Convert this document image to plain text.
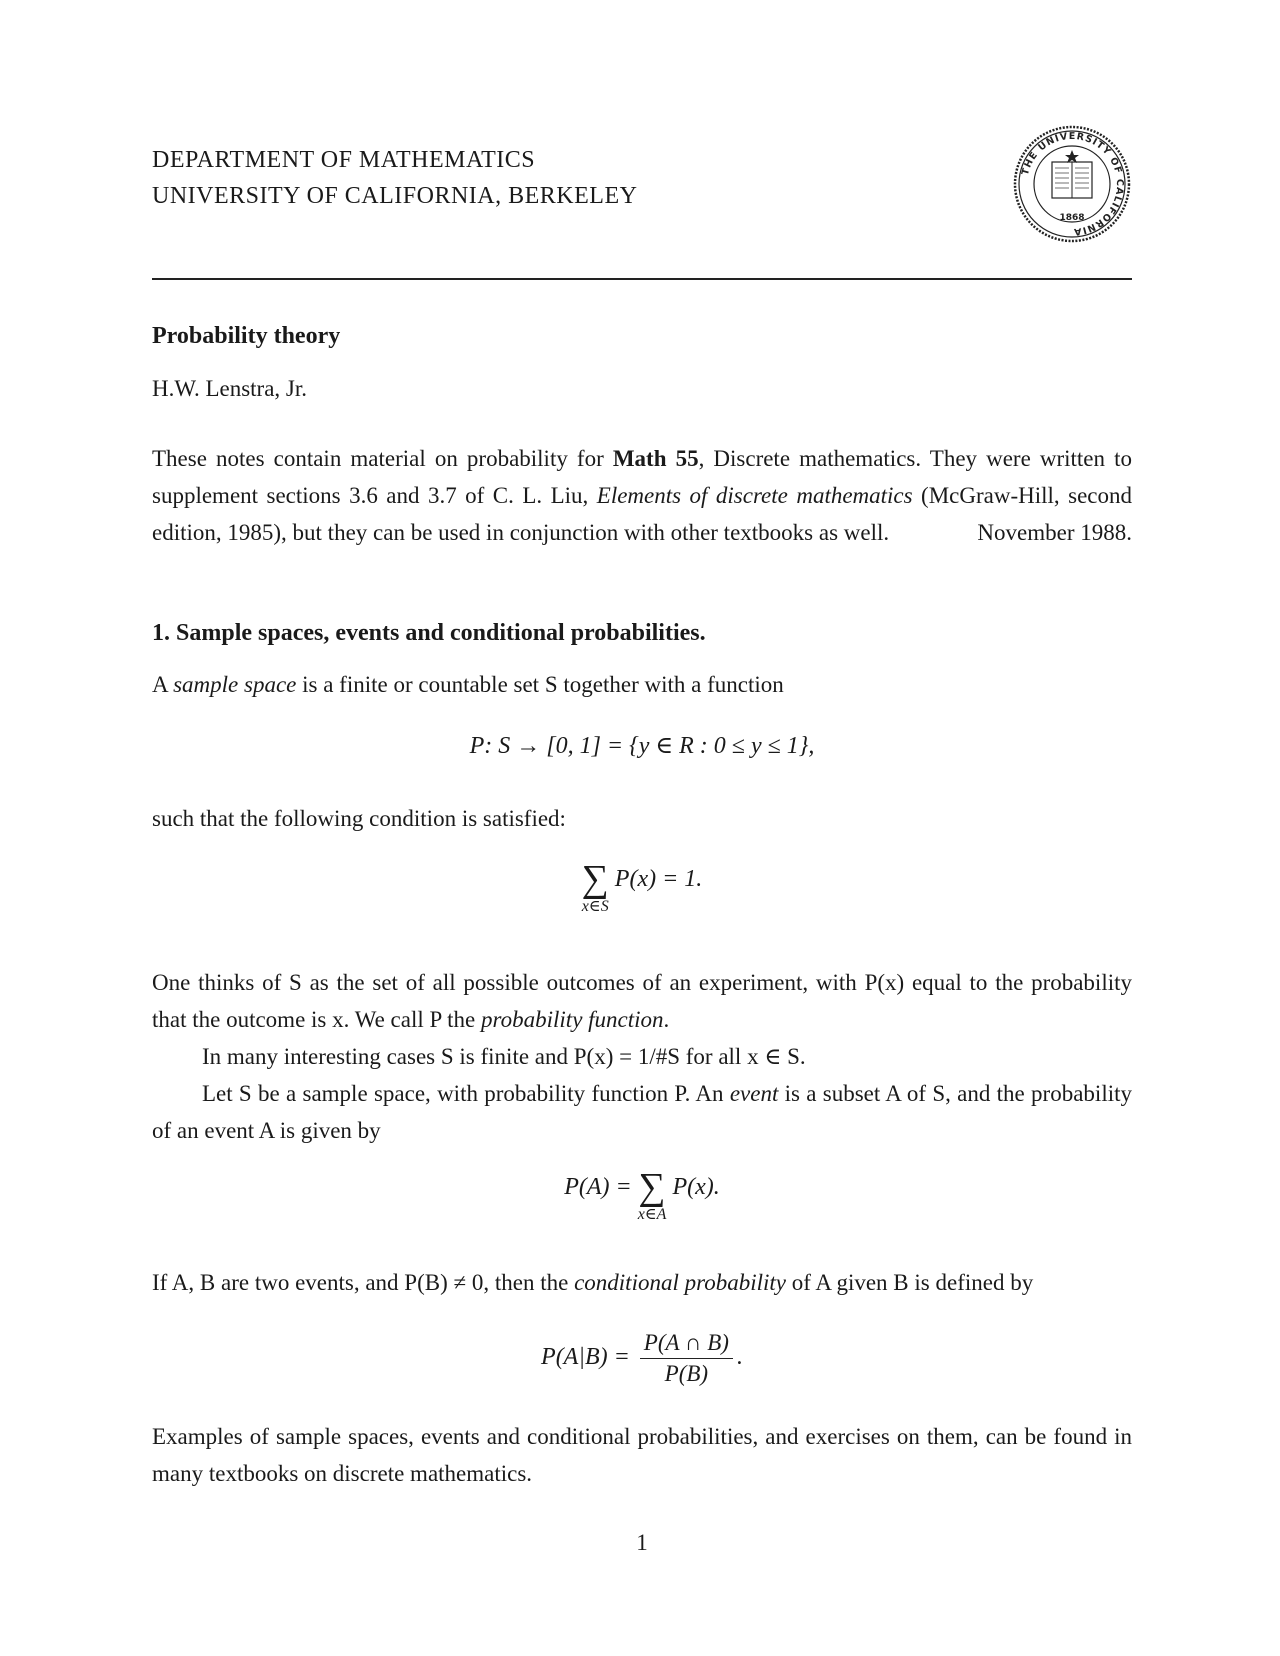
DEPARTMENT OF MATHEMATICS
UNIVERSITY OF CALIFORNIA, BERKELEY
THE UNIVERSITY OF CALIFORNIA
1868
Probability theory
H.W. Lenstra, Jr.
These notes contain material on probability for Math 55, Discrete mathematics. They were written to supplement sections 3.6 and 3.7 of C. L. Liu, Elements of discrete mathematics (McGraw-Hill, second edition, 1985), but they can be used in conjunction with other textbooks as well.	November 1988.
1. Sample spaces, events and conditional probabilities.
A sample space is a finite or countable set S together with a function
P: S → [0, 1] = {y ∈ R : 0 ≤ y ≤ 1},
such that the following condition is satisfied:
∑
x∈S
P(x) = 1.
One thinks of S as the set of all possible outcomes of an experiment, with P(x) equal to the probability that the outcome is x. We call P the probability function.
In many interesting cases S is finite and P(x) = 1/#S for all x ∈ S.
Let S be a sample space, with probability function P. An event is a subset A of S, and the probability of an event A is given by
P(A) = ∑
x∈A
P(x).
If A, B are two events, and P(B) ≠ 0, then the conditional probability of A given B is defined by
$P(A|B) = \frac{P(A \cap B)}{P(B)}$ .
Examples of sample spaces, events and conditional probabilities, and exercises on them, can be found in many textbooks on discrete mathematics.
1
